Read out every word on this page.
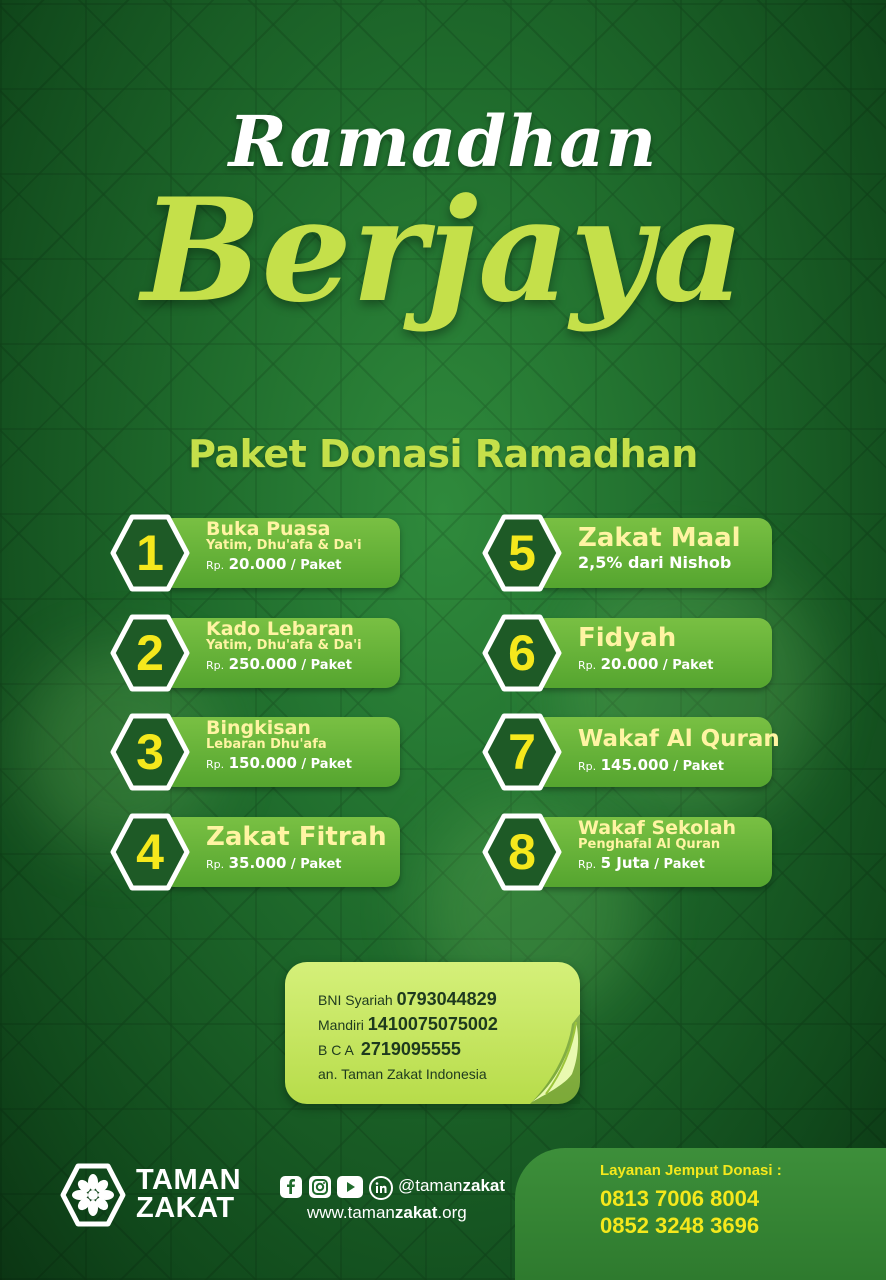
Ramadhan
Berjaya
Paket Donasi Ramadhan
1	Buka Puasa
Yatim, Dhu'afa & Da'i
Rp. 20.000 / Paket
2	Kado Lebaran
Yatim, Dhu'afa & Da'i
Rp. 250.000 / Paket
3	Bingkisan
Lebaran Dhu'afa
Rp. 150.000 / Paket
4	Zakat Fitrah
Rp. 35.000 / Paket
5	Zakat Maal
2,5% dari Nishob
6	Fidyah
Rp. 20.000 / Paket
7	Wakaf Al Quran
Rp. 145.000 / Paket
8	Wakaf Sekolah
Penghafal Al Quran
Rp. 5 Juta / Paket
BNI Syariah 0793044829
Mandiri 1410075075002
B C A 2719095555
an. Taman Zakat Indonesia
TAMAN
ZAKAT
@tamanzakat
www.tamanzakat.org
Layanan Jemput Donasi :
0813 7006 8004
0852 3248 3696
